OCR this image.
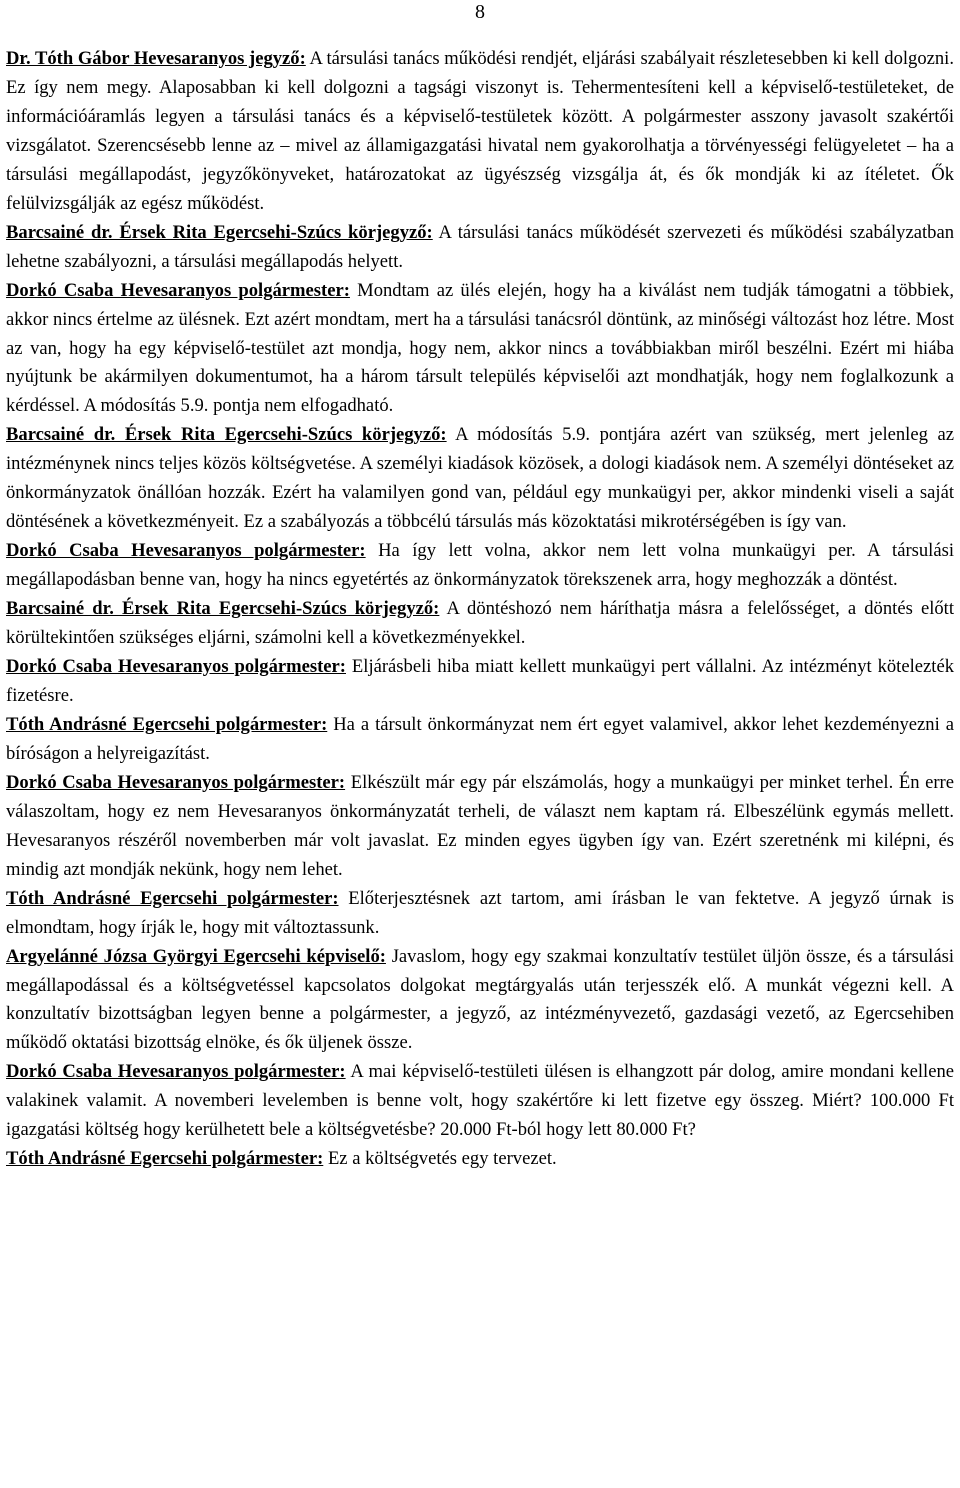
8

Dr. Tóth Gábor Hevesaranyos jegyző: A társulási tanács működési rendjét, eljárási szabályait részletesebben ki kell dolgozni. Ez így nem megy. Alaposabban ki kell dolgozni a tagsági viszonyt is. Tehermentesíteni kell a képviselő-testületeket, de információáramlás legyen a társulási tanács és a képviselő-testületek között. A polgármester asszony javasolt szakértői vizsgálatot. Szerencsésebb lenne az – mivel az államigazgatási hivatal nem gyakorolhatja a törvényességi felügyeletet – ha a társulási megállapodást, jegyzőkönyveket, határozatokat az ügyészség vizsgálja át, és ők mondják ki az ítéletet. Ők felülvizsgálják az egész működést.

Barcsainé dr. Érsek Rita Egercsehi-Szúcs körjegyző: A társulási tanács működését szervezeti és működési szabályzatban lehetne szabályozni, a társulási megállapodás helyett.

Dorkó Csaba Hevesaranyos polgármester: Mondtam az ülés elején, hogy ha a kiválást nem tudják támogatni a többiek, akkor nincs értelme az ülésnek. Ezt azért mondtam, mert ha a társulási tanácsról döntünk, az minőségi változást hoz létre. Most az van, hogy ha egy képviselő-testület azt mondja, hogy nem, akkor nincs a továbbiakban miről beszélni. Ezért mi hiába nyújtunk be akármilyen dokumentumot, ha a három társult település képviselői azt mondhatják, hogy nem foglalkozunk a kérdéssel. A módosítás 5.9. pontja nem elfogadható.

Barcsainé dr. Érsek Rita Egercsehi-Szúcs körjegyző: A módosítás 5.9. pontjára azért van szükség, mert jelenleg az intézménynek nincs teljes közös költségvetése. A személyi kiadások közösek, a dologi kiadások nem. A személyi döntéseket az önkormányzatok önállóan hozzák. Ezért ha valamilyen gond van, például egy munkaügyi per, akkor mindenki viseli a saját döntésének a következményeit. Ez a szabályozás a többcélú társulás más közoktatási mikrotérségében is így van.

Dorkó Csaba Hevesaranyos polgármester: Ha így lett volna, akkor nem lett volna munkaügyi per. A társulási megállapodásban benne van, hogy ha nincs egyetértés az önkormányzatok törekszenek arra, hogy meghozzák a döntést.

Barcsainé dr. Érsek Rita Egercsehi-Szúcs körjegyző: A döntéshozó nem háríthatja másra a felelősséget, a döntés előtt körültekintően szükséges eljárni, számolni kell a következményekkel.

Dorkó Csaba Hevesaranyos polgármester: Eljárásbeli hiba miatt kellett munkaügyi pert vállalni. Az intézményt kötelezték fizetésre.

Tóth Andrásné Egercsehi polgármester: Ha a társult önkormányzat nem ért egyet valamivel, akkor lehet kezdeményezni a bíróságon a helyreigazítást.

Dorkó Csaba Hevesaranyos polgármester: Elkészült már egy pár elszámolás, hogy a munkaügyi per minket terhel. Én erre válaszoltam, hogy ez nem Hevesaranyos önkormányzatát terheli, de választ nem kaptam rá. Elbeszélünk egymás mellett. Hevesaranyos részéről novemberben már volt javaslat. Ez minden egyes ügyben így van. Ezért szeretnénk mi kilépni, és mindig azt mondják nekünk, hogy nem lehet.

Tóth Andrásné Egercsehi polgármester: Előterjesztésnek azt tartom, ami írásban le van fektetve. A jegyző úrnak is elmondtam, hogy írják le, hogy mit változtassunk.

Argyelánné Józsa Györgyi Egercsehi képviselő: Javaslom, hogy egy szakmai konzultatív testület üljön össze, és a társulási megállapodással és a költségvetéssel kapcsolatos dolgokat megtárgyalás után terjesszék elő. A munkát végezni kell. A konzultatív bizottságban legyen benne a polgármester, a jegyző, az intézményvezető, gazdasági vezető, az Egercsehiben működő oktatási bizottság elnöke, és ők üljenek össze.

Dorkó Csaba Hevesaranyos polgármester: A mai képviselő-testületi ülésen is elhangzott pár dolog, amire mondani kellene valakinek valamit. A novemberi levelemben is benne volt, hogy szakértőre ki lett fizetve egy összeg. Miért? 100.000 Ft igazgatási költség hogy kerülhetett bele a költségvetésbe? 20.000 Ft-ból hogy lett 80.000 Ft?

Tóth Andrásné Egercsehi polgármester: Ez a költségvetés egy tervezet.
